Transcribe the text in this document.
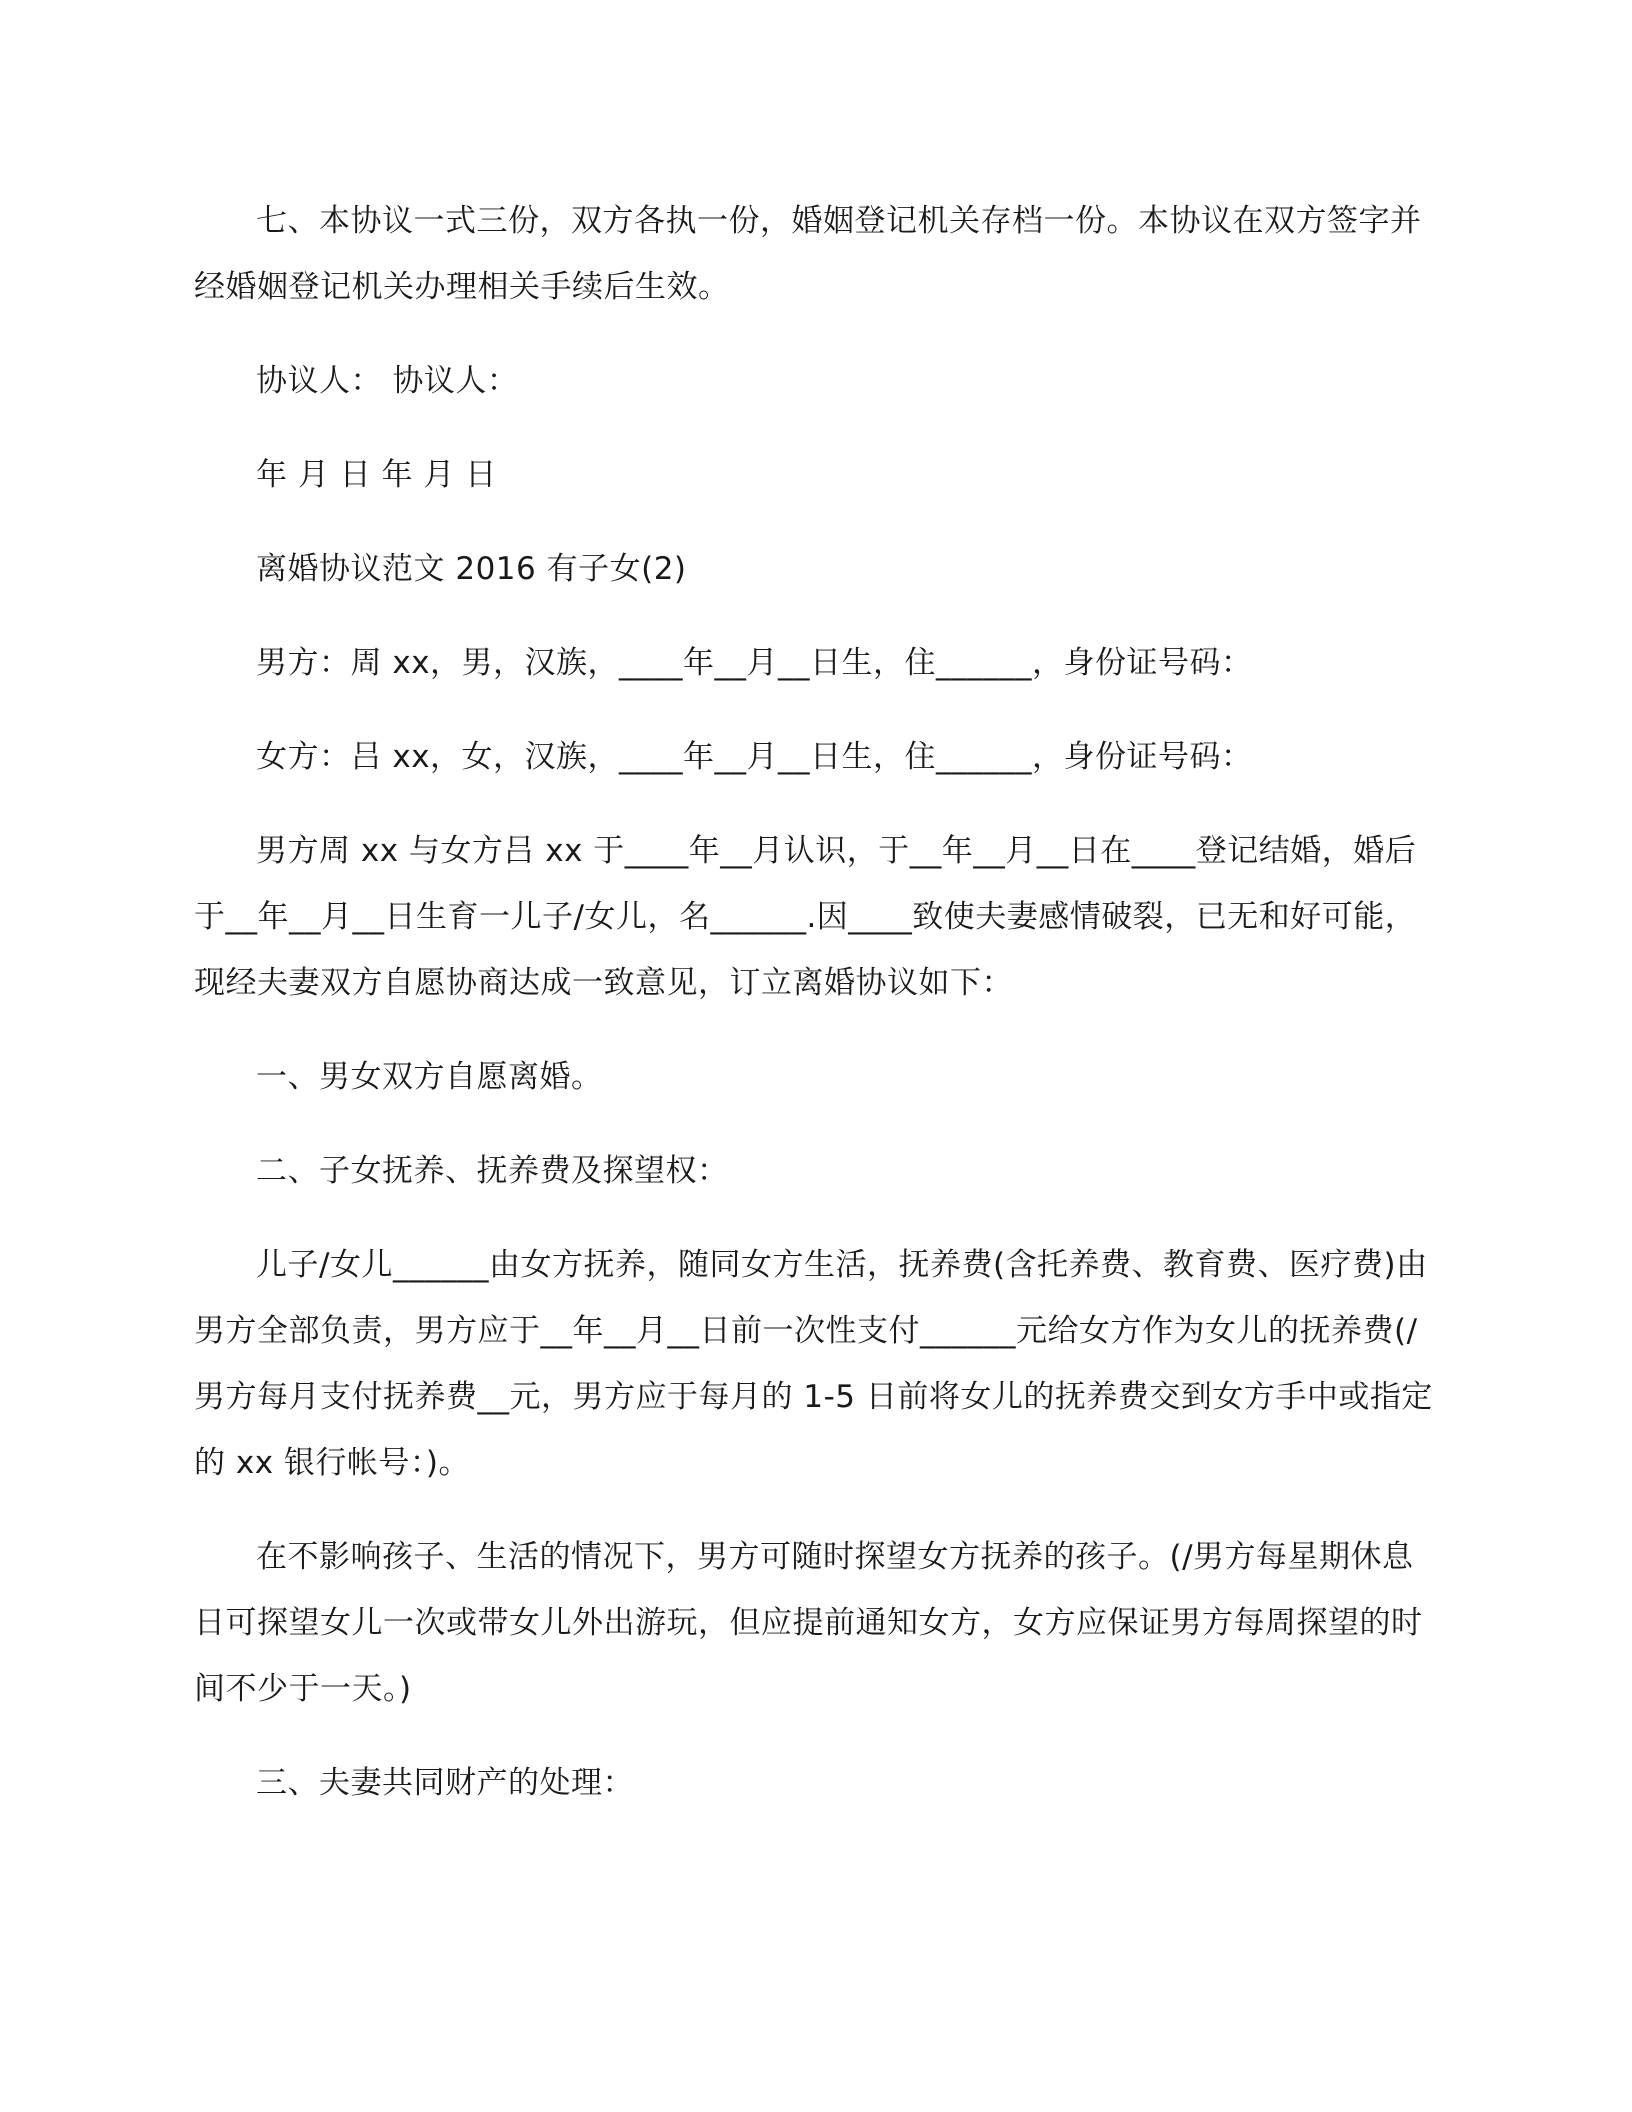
七、本协议一式三份，双方各执一份，婚姻登记机关存档一份。本协议在双方签字并经婚姻登记机关办理相关手续后生效。

协议人： 协议人：

年 月 日 年 月 日

离婚协议范文 2016 有子女(2)

男方：周 xx，男，汉族，____年__月__日生，住______，身份证号码：

女方：吕 xx，女，汉族，____年__月__日生，住______，身份证号码：

男方周 xx 与女方吕 xx 于____年__月认识，于__年__月__日在____登记结婚，婚后于__年__月__日生育一儿子/女儿，名______.因____致使夫妻感情破裂，已无和好可能，现经夫妻双方自愿协商达成一致意见，订立离婚协议如下：

一、男女双方自愿离婚。

二、子女抚养、抚养费及探望权：

儿子/女儿______由女方抚养，随同女方生活，抚养费(含托养费、教育费、医疗费)由男方全部负责，男方应于__年__月__日前一次性支付______元给女方作为女儿的抚养费(/男方每月支付抚养费__元，男方应于每月的 1-5 日前将女儿的抚养费交到女方手中或指定的 xx 银行帐号：)。

在不影响孩子、生活的情况下，男方可随时探望女方抚养的孩子。(/男方每星期休息日可探望女儿一次或带女儿外出游玩，但应提前通知女方，女方应保证男方每周探望的时间不少于一天。)

三、夫妻共同财产的处理：
